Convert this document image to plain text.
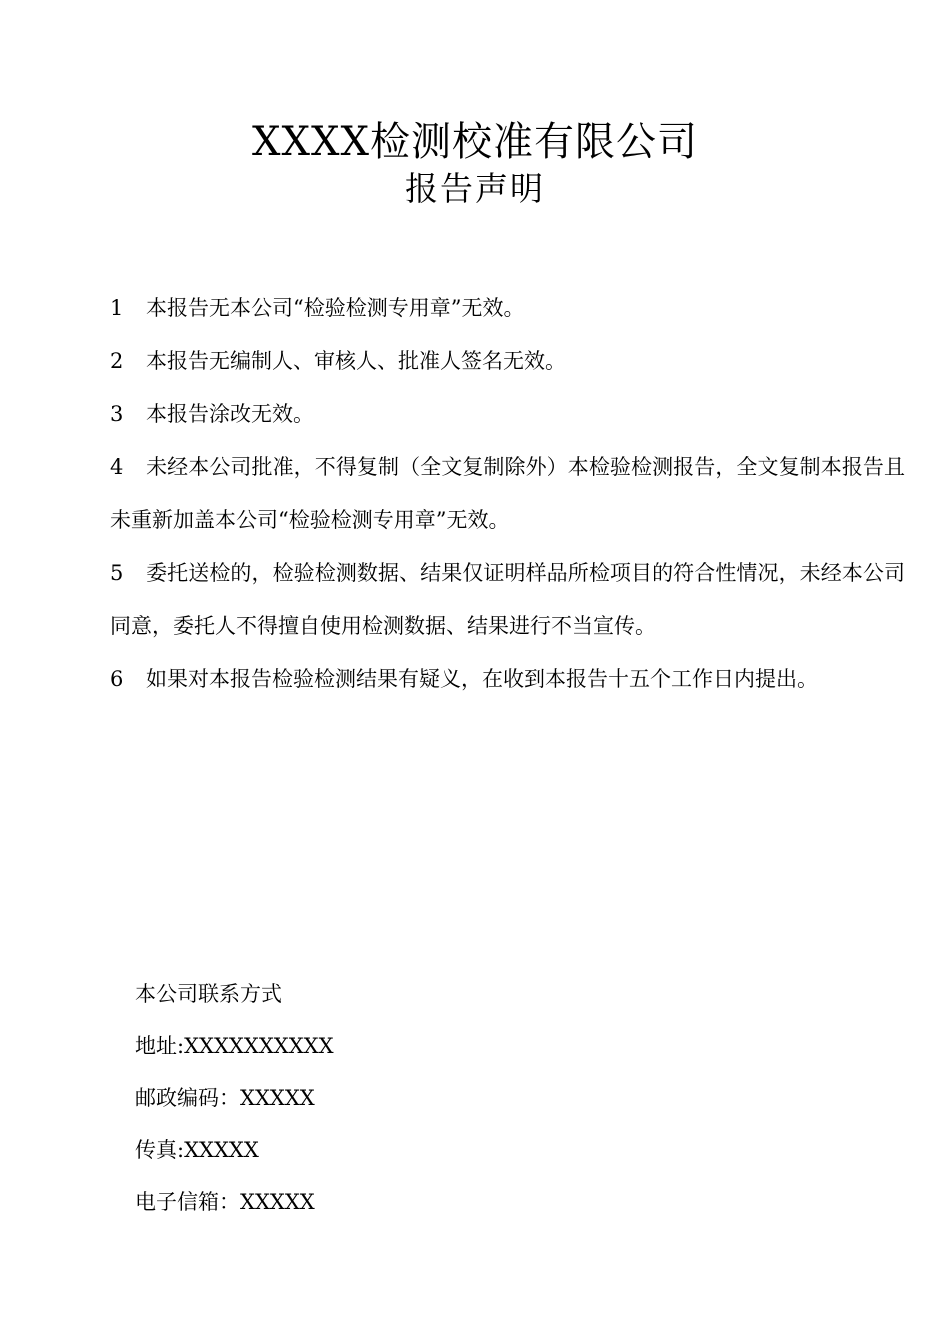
XXXX检测校准有限公司
报告声明

1 本报告无本公司“检验检测专用章”无效。

2 本报告无编制人、审核人、批准人签名无效。

3 本报告涂改无效。

4 未经本公司批准，不得复制（全文复制除外）本检验检测报告，全文复制本报告且未重新加盖本公司“检验检测专用章”无效。

5 委托送检的，检验检测数据、结果仅证明样品所检项目的符合性情况，未经本公司同意，委托人不得擅自使用检测数据、结果进行不当宣传。

6 如果对本报告检验检测结果有疑义，在收到本报告十五个工作日内提出。

本公司联系方式

地址:XXXXXXXXXX

邮政编码：XXXXX

传真:XXXXX

电子信箱：XXXXX
